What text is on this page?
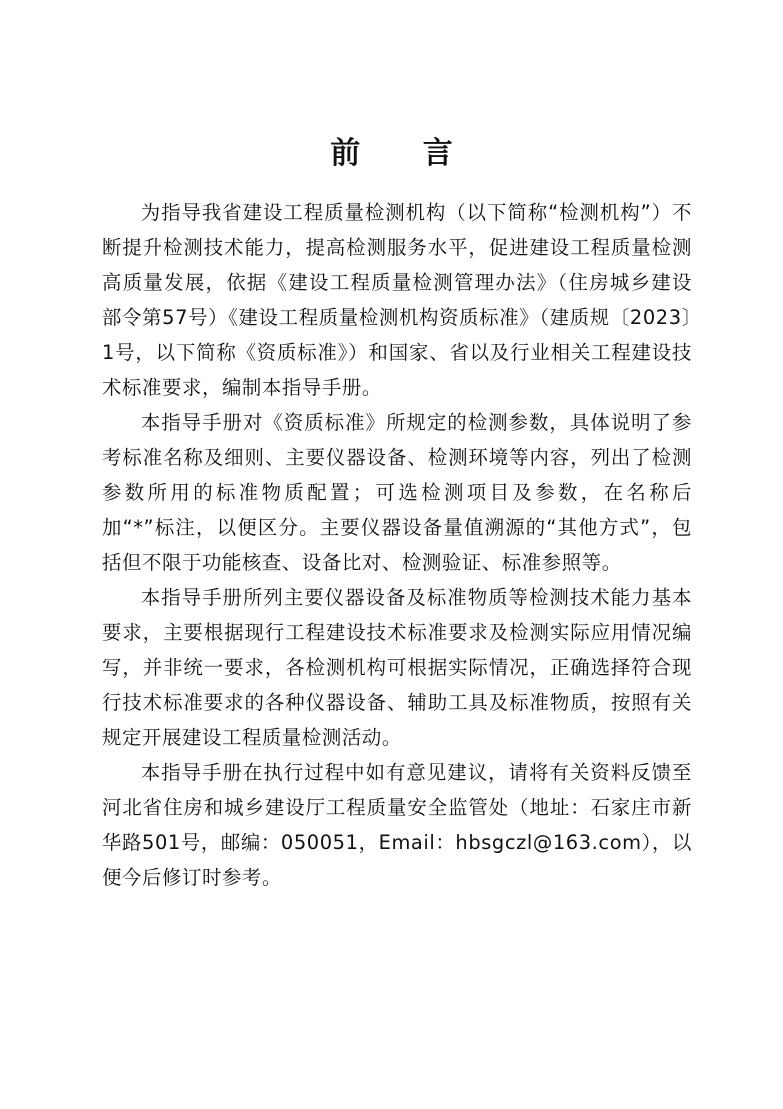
前 言

为指导我省建设工程质量检测机构（以下简称“检测机构”）不断提升检测技术能力，提高检测服务水平，促进建设工程质量检测高质量发展，依据《建设工程质量检测管理办法》（住房城乡建设部令第57号）《建设工程质量检测机构资质标准》（建质规〔2023〕1号，以下简称《资质标准》）和国家、省以及行业相关工程建设技术标准要求，编制本指导手册。

本指导手册对《资质标准》所规定的检测参数，具体说明了参考标准名称及细则、主要仪器设备、检测环境等内容，列出了检测参数所用的标准物质配置；可选检测项目及参数，在名称后加“*”标注，以便区分。主要仪器设备量值溯源的“其他方式”，包括但不限于功能核查、设备比对、检测验证、标准参照等。

本指导手册所列主要仪器设备及标准物质等检测技术能力基本要求，主要根据现行工程建设技术标准要求及检测实际应用情况编写，并非统一要求，各检测机构可根据实际情况，正确选择符合现行技术标准要求的各种仪器设备、辅助工具及标准物质，按照有关规定开展建设工程质量检测活动。

本指导手册在执行过程中如有意见建议，请将有关资料反馈至河北省住房和城乡建设厅工程质量安全监管处（地址：石家庄市新华路501号，邮编：050051，Email：hbsgczl@163.com），以便今后修订时参考。
